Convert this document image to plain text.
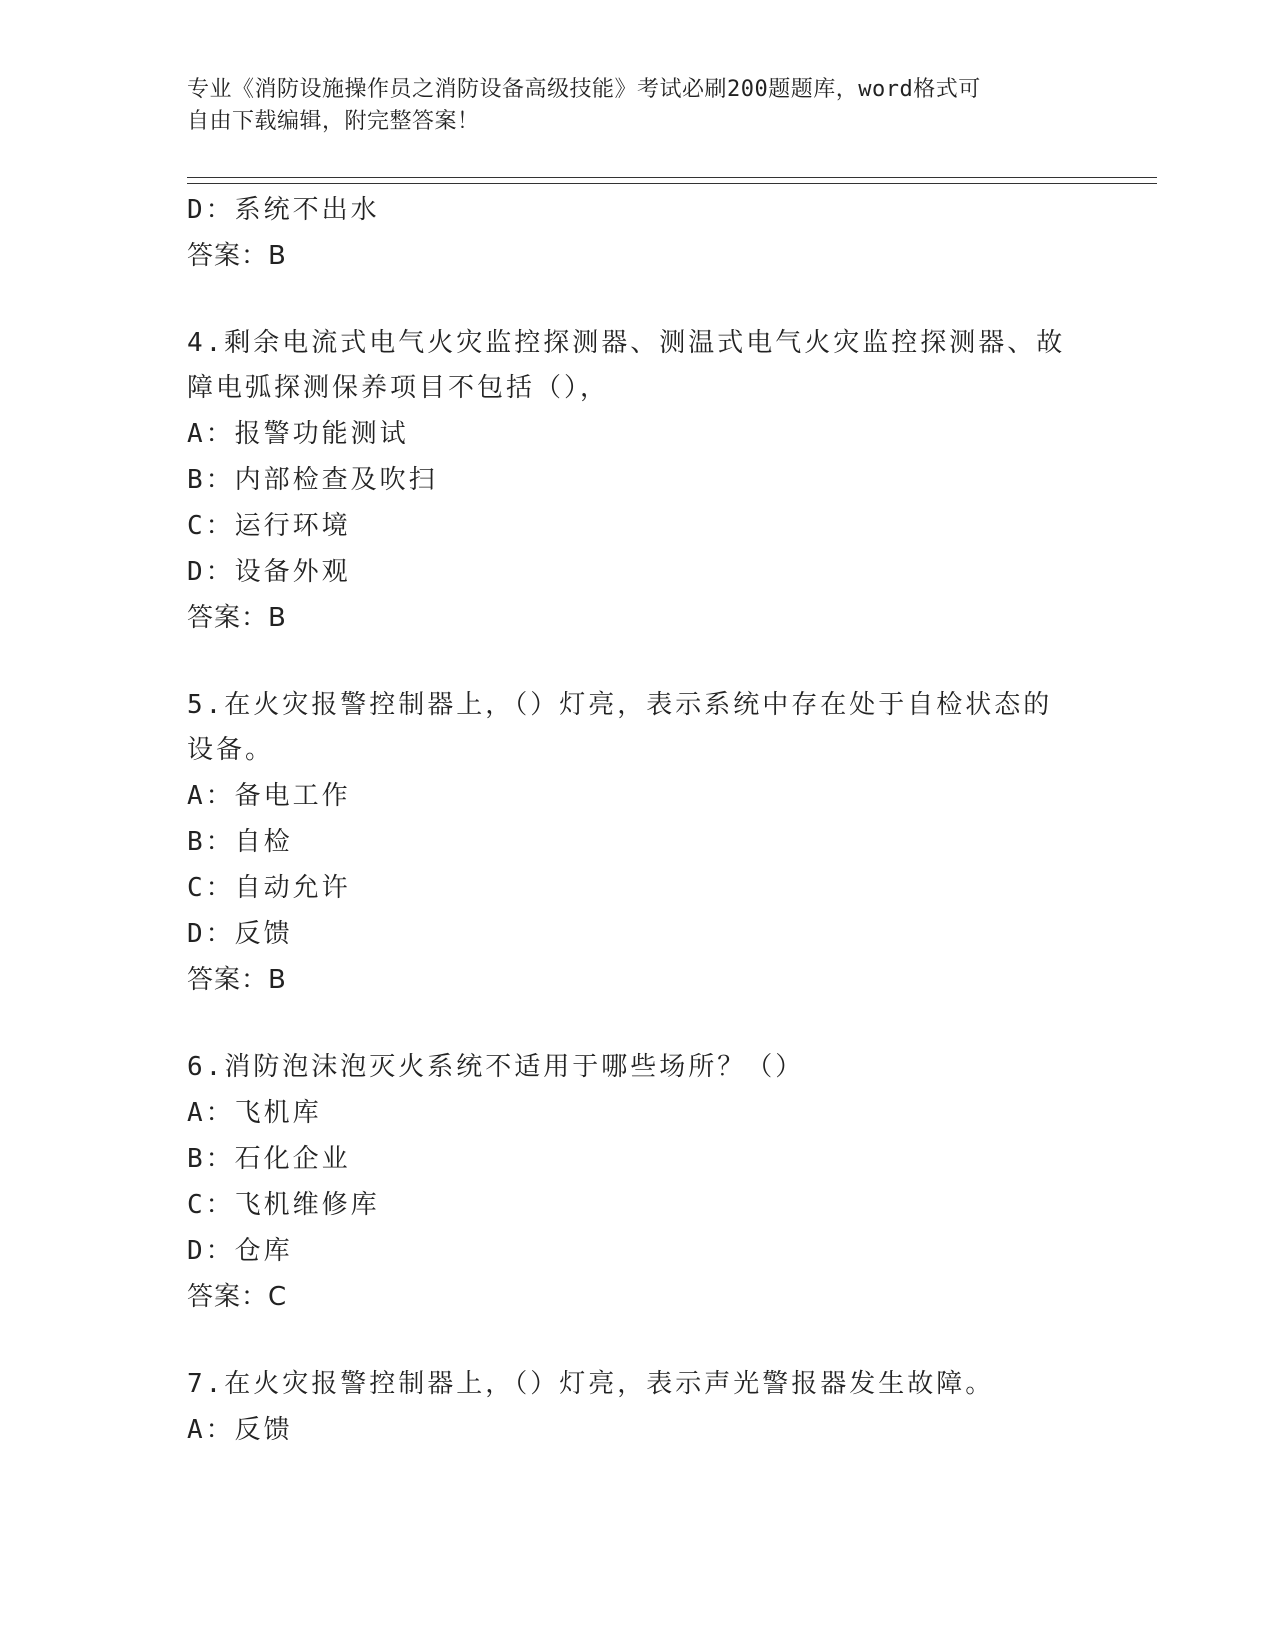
专业《消防设施操作员之消防设备高级技能》考试必刷200题题库，word格式可
自由下载编辑，附完整答案！
D：系统不出水
答案：B
4.剩余电流式电气火灾监控探测器、测温式电气火灾监控探测器、故
障电弧探测保养项目不包括（），
A：报警功能测试
B：内部检查及吹扫
C：运行环境
D：设备外观
答案：B
5.在火灾报警控制器上，（）灯亮，表示系统中存在处于自检状态的
设备。
A：备电工作
B：自检
C：自动允许
D：反馈
答案：B
6.消防泡沫泡灭火系统不适用于哪些场所？（）
A：飞机库
B：石化企业
C：飞机维修库
D：仓库
答案：C
7.在火灾报警控制器上，（）灯亮，表示声光警报器发生故障。
A：反馈
